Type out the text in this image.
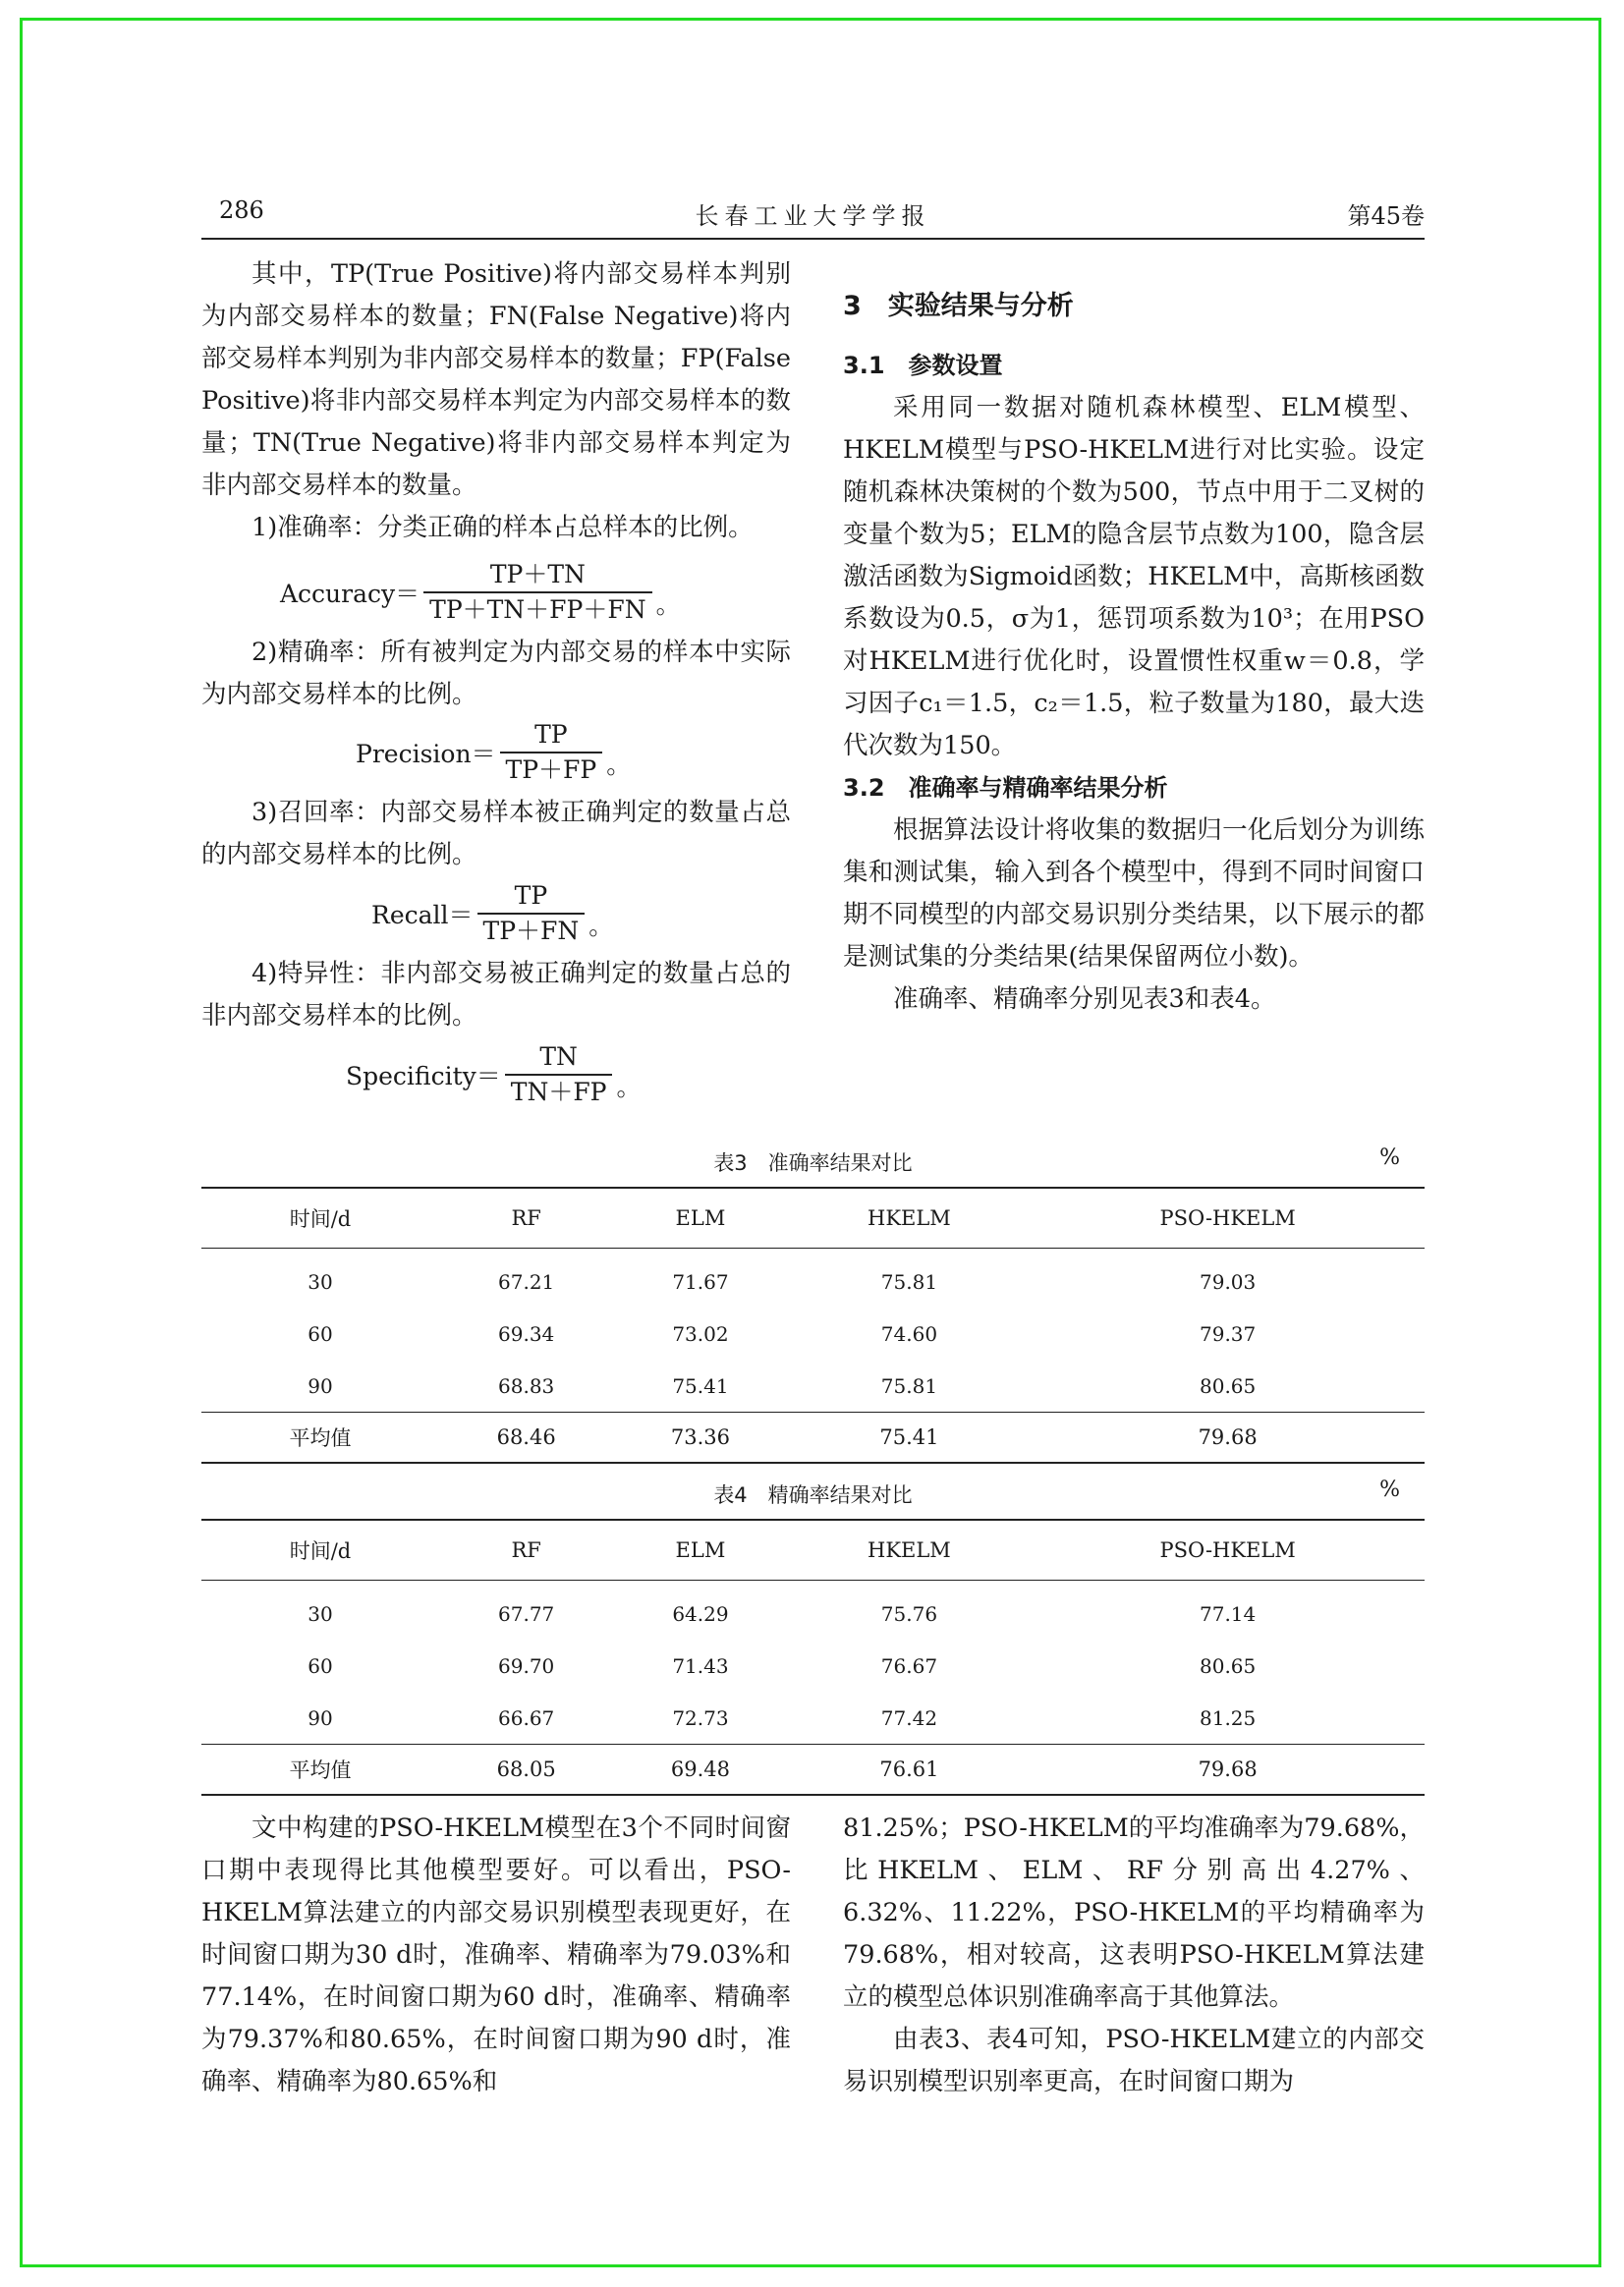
286	长春工业大学学报	第45卷

其中，TP(True Positive)将内部交易样本判别为内部交易样本的数量；FN(False Negative)将内部交易样本判别为非内部交易样本的数量；FP(False Positive)将非内部交易样本判定为内部交易样本的数量；TN(True Negative)将非内部交易样本判定为非内部交易样本的数量。

1)准确率：分类正确的样本占总样本的比例。

Accuracy＝ $\frac{TP+TN}{TP+TN+FP+FN}$ 。

2)精确率：所有被判定为内部交易的样本中实际为内部交易样本的比例。

Precision＝ $\frac{TP}{TP+FP}$ 。

3)召回率：内部交易样本被正确判定的数量占总的内部交易样本的比例。

Recall＝ $\frac{TP}{TP+FN}$ 。

4)特异性：非内部交易被正确判定的数量占总的非内部交易样本的比例。

Specificity＝ $\frac{TN}{TN+FP}$ 。
3　实验结果与分析
3.1　参数设置

采用同一数据对随机森林模型、ELM模型、HKELM模型与PSO-HKELM进行对比实验。设定随机森林决策树的个数为500，节点中用于二叉树的变量个数为5；ELM的隐含层节点数为100，隐含层激活函数为Sigmoid函数；HKELM中，高斯核函数系数设为0.5，σ为1，惩罚项系数为10³；在用PSO对HKELM进行优化时，设置惯性权重w＝0.8，学习因子c₁＝1.5，c₂＝1.5，粒子数量为180，最大迭代次数为150。

3.2　准确率与精确率结果分析

根据算法设计将收集的数据归一化后划分为训练集和测试集，输入到各个模型中，得到不同时间窗口期不同模型的内部交易识别分类结果，以下展示的都是测试集的分类结果(结果保留两位小数)。

准确率、精确率分别见表3和表4。

表3　准确率结果对比	%
时间/d	RF	ELM	HKELM	PSO-HKELM
30	67.21	71.67	75.81	79.03
60	69.34	73.02	74.60	79.37
90	68.83	75.41	75.81	80.65
平均值	68.46	73.36	75.41	79.68
表4　精确率结果对比	%
时间/d	RF	ELM	HKELM	PSO-HKELM
30	67.77	64.29	75.76	77.14
60	69.70	71.43	76.67	80.65
90	66.67	72.73	77.42	81.25
平均值	68.05	69.48	76.61	79.68

文中构建的PSO-HKELM模型在3个不同时间窗口期中表现得比其他模型要好。可以看出，PSO-HKELM算法建立的内部交易识别模型表现更好，在时间窗口期为30 d时，准确率、精确率为79.03%和77.14%，在时间窗口期为60 d时，准确率、精确率为79.37%和80.65%，在时间窗口期为90 d时，准确率、精确率为80.65%和

81.25%；PSO-HKELM的平均准确率为79.68%，比HKELM、ELM、RF分别高出4.27%、6.32%、11.22%，PSO-HKELM的平均精确率为79.68%，相对较高，这表明PSO-HKELM算法建立的模型总体识别准确率高于其他算法。

由表3、表4可知，PSO-HKELM建立的内部交易识别模型识别率更高，在时间窗口期为
